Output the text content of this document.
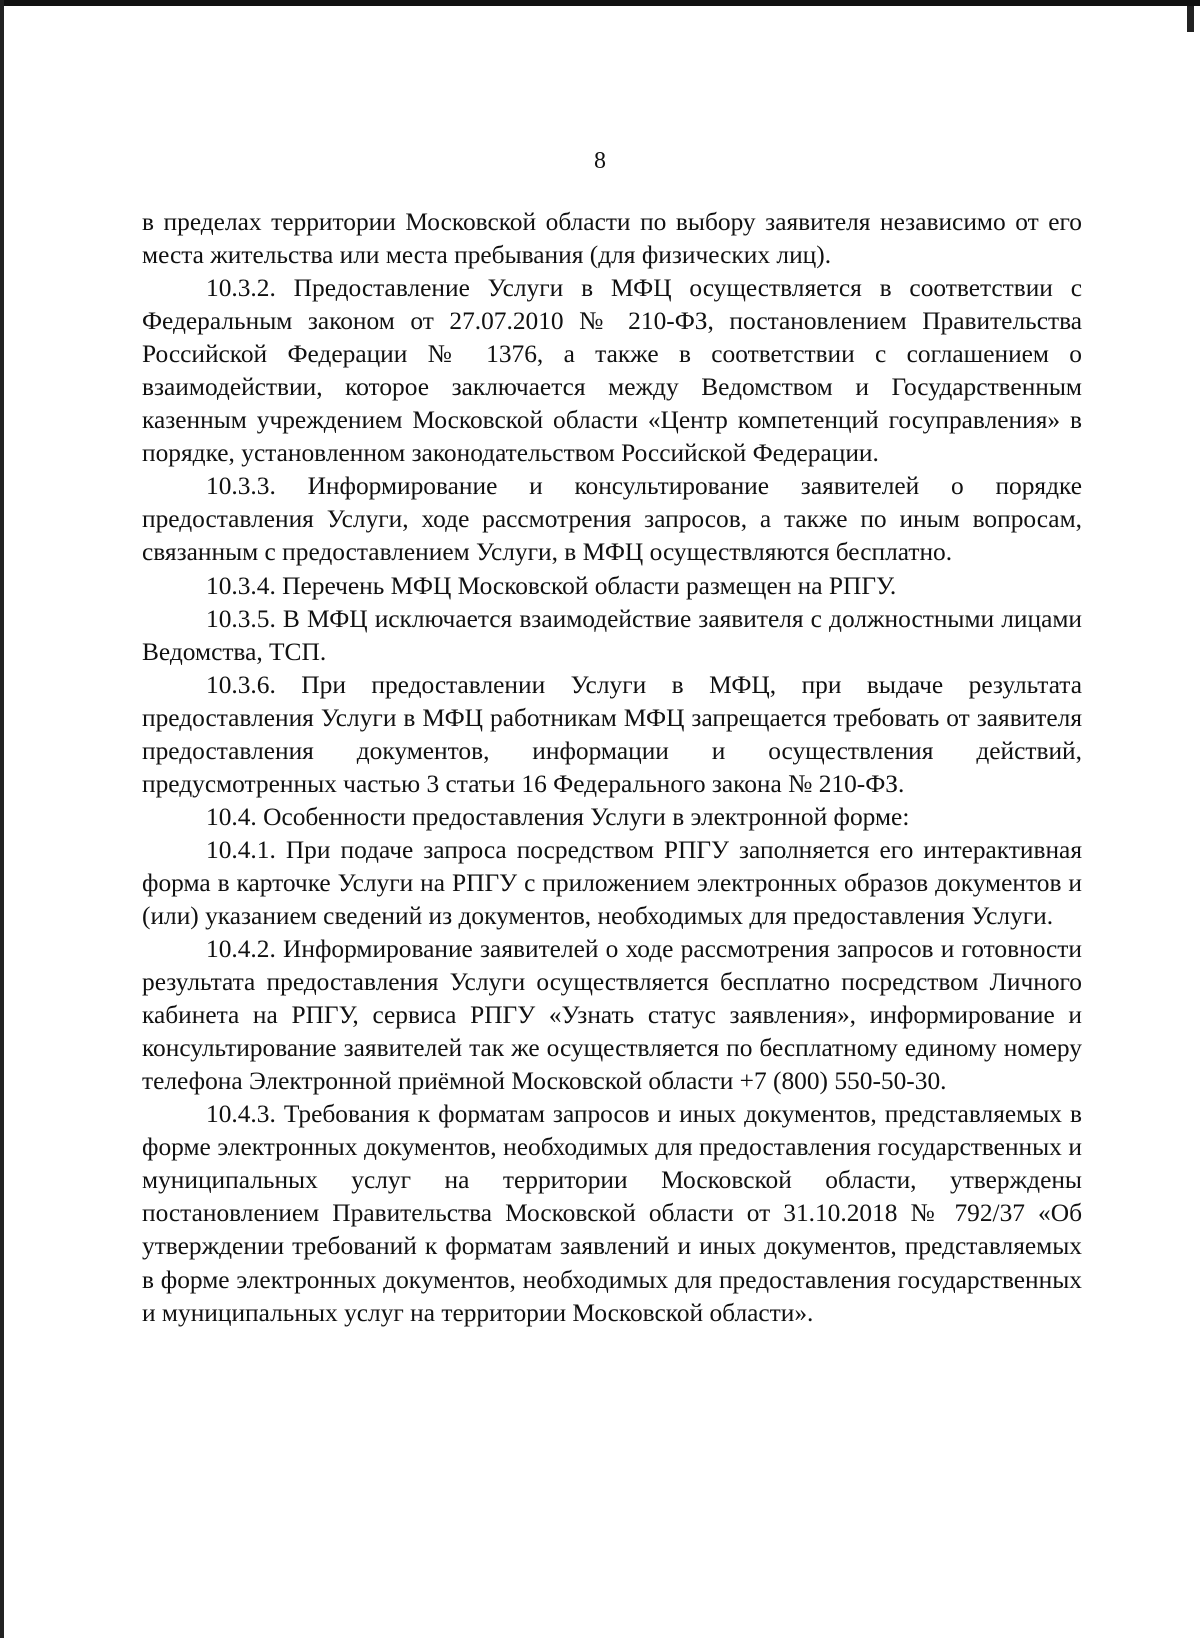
8

в пределах территории Московской области по выбору заявителя независимо от его места жительства или места пребывания (для физических лиц).

10.3.2. Предоставление Услуги в МФЦ осуществляется в соответствии с Федеральным законом от 27.07.2010 № 210-ФЗ, постановлением Правительства Российской Федерации № 1376, а также в соответствии с соглашением о взаимодействии, которое заключается между Ведомством и Государственным казенным учреждением Московской области «Центр компетенций госуправления» в порядке, установленном законодательством Российской Федерации.

10.3.3. Информирование и консультирование заявителей о порядке предоставления Услуги, ходе рассмотрения запросов, а также по иным вопросам, связанным с предоставлением Услуги, в МФЦ осуществляются бесплатно.

10.3.4. Перечень МФЦ Московской области размещен на РПГУ.

10.3.5. В МФЦ исключается взаимодействие заявителя с должностными лицами Ведомства, ТСП.

10.3.6. При предоставлении Услуги в МФЦ, при выдаче результата предоставления Услуги в МФЦ работникам МФЦ запрещается требовать от заявителя предоставления документов, информации и осуществления действий, предусмотренных частью 3 статьи 16 Федерального закона № 210-ФЗ.

10.4. Особенности предоставления Услуги в электронной форме:

10.4.1. При подаче запроса посредством РПГУ заполняется его интерактивная форма в карточке Услуги на РПГУ с приложением электронных образов документов и (или) указанием сведений из документов, необходимых для предоставления Услуги.

10.4.2. Информирование заявителей о ходе рассмотрения запросов и готовности результата предоставления Услуги осуществляется бесплатно посредством Личного кабинета на РПГУ, сервиса РПГУ «Узнать статус заявления», информирование и консультирование заявителей так же осуществляется по бесплатному единому номеру телефона Электронной приёмной Московской области +7 (800) 550-50-30.

10.4.3. Требования к форматам запросов и иных документов, представляемых в форме электронных документов, необходимых для предоставления государственных и муниципальных услуг на территории Московской области, утверждены постановлением Правительства Московской области от 31.10.2018 № 792/37 «Об утверждении требований к форматам заявлений и иных документов, представляемых в форме электронных документов, необходимых для предоставления государственных и муниципальных услуг на территории Московской области».
